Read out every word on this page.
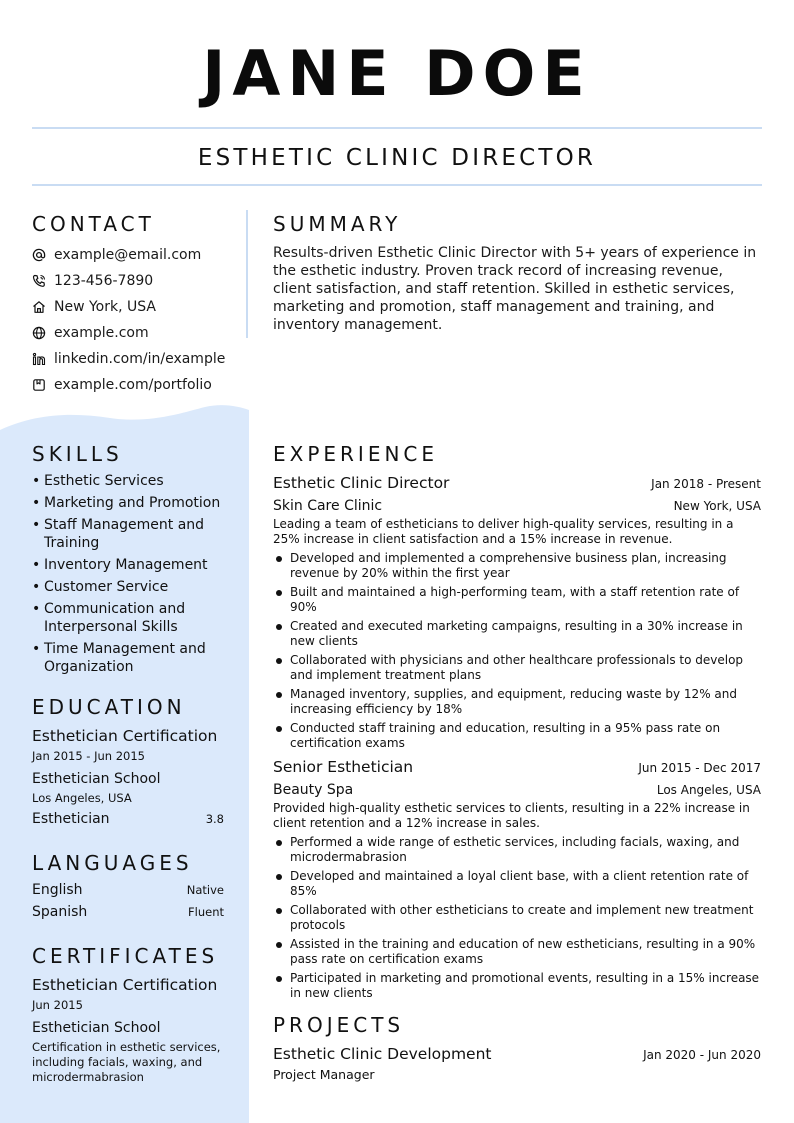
JANE DOE
ESTHETIC CLINIC DIRECTOR
CONTACT
example@email.com
123-456-7890
New York, USA
example.com
linkedin.com/in/example
example.com/portfolio
SUMMARY

Results-driven Esthetic Clinic Director with 5+ years of experience in the esthetic industry. Proven track record of increasing revenue, client satisfaction, and staff retention. Skilled in esthetic services, marketing and promotion, staff management and training, and inventory management.

SKILLS
• Esthetic Services
• Marketing and Promotion
• Staff Management and Training
• Inventory Management
• Customer Service
• Communication and Interpersonal Skills
• Time Management and Organization
EDUCATION
Esthetician Certification
Jan 2015 - Jun 2015
Esthetician School
Los Angeles, USA
Esthetician	3.8
LANGUAGES
English	Native
Spanish	Fluent
CERTIFICATES
Esthetician Certification
Jun 2015
Esthetician School
Certification in esthetic services, including facials, waxing, and microdermabrasion
EXPERIENCE
Esthetic Clinic Director	Jan 2018 - Present
Skin Care Clinic	New York, USA
Leading a team of estheticians to deliver high-quality services, resulting in a 25% increase in client satisfaction and a 15% increase in revenue.
Developed and implemented a comprehensive business plan, increasing revenue by 20% within the first year
Built and maintained a high-performing team, with a staff retention rate of 90%
Created and executed marketing campaigns, resulting in a 30% increase in new clients
Collaborated with physicians and other healthcare professionals to develop and implement treatment plans
Managed inventory, supplies, and equipment, reducing waste by 12% and increasing efficiency by 18%
Conducted staff training and education, resulting in a 95% pass rate on certification exams
Senior Esthetician	Jun 2015 - Dec 2017
Beauty Spa	Los Angeles, USA
Provided high-quality esthetic services to clients, resulting in a 22% increase in client retention and a 12% increase in sales.
Performed a wide range of esthetic services, including facials, waxing, and microdermabrasion
Developed and maintained a loyal client base, with a client retention rate of 85%
Collaborated with other estheticians to create and implement new treatment protocols
Assisted in the training and education of new estheticians, resulting in a 90% pass rate on certification exams
Participated in marketing and promotional events, resulting in a 15% increase in new clients
PROJECTS
Esthetic Clinic Development	Jan 2020 - Jun 2020
Project Manager
